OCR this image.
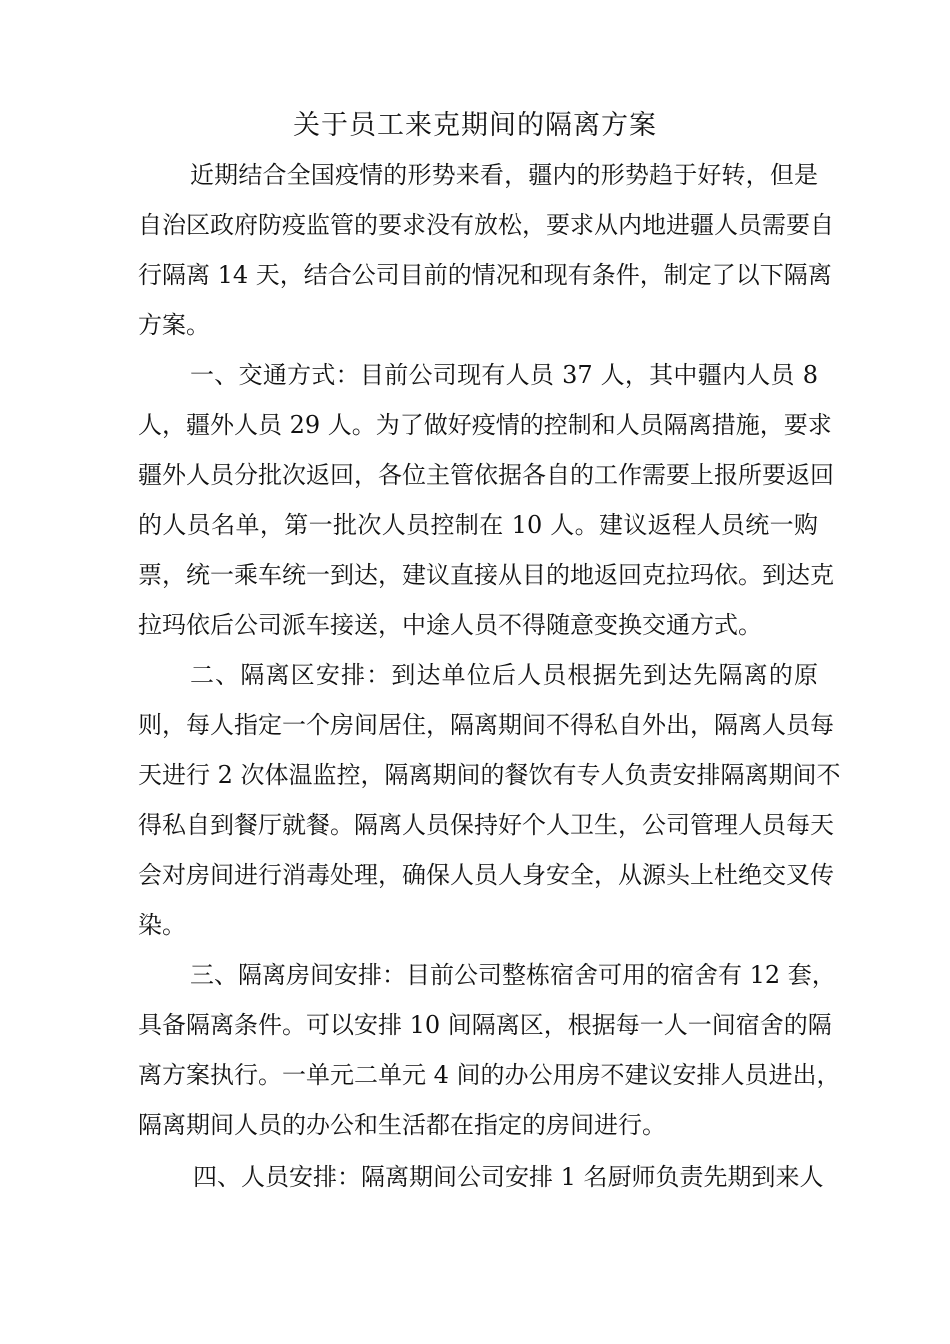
关于员工来克期间的隔离方案
近期结合全国疫情的形势来看，疆内的形势趋于好转，但是
自治区政府防疫监管的要求没有放松，要求从内地进疆人员需要自
行隔离 14 天，结合公司目前的情况和现有条件，制定了以下隔离
方案。
一、交通方式：目前公司现有人员 37 人，其中疆内人员 8
人，疆外人员 29 人。为了做好疫情的控制和人员隔离措施，要求
疆外人员分批次返回，各位主管依据各自的工作需要上报所要返回
的人员名单，第一批次人员控制在 10 人。建议返程人员统一购
票，统一乘车统一到达，建议直接从目的地返回克拉玛依。到达克
拉玛依后公司派车接送，中途人员不得随意变换交通方式。
二、隔离区安排：到达单位后人员根据先到达先隔离的原
则，每人指定一个房间居住，隔离期间不得私自外出，隔离人员每
天进行 2 次体温监控，隔离期间的餐饮有专人负责安排隔离期间不
得私自到餐厅就餐。隔离人员保持好个人卫生，公司管理人员每天
会对房间进行消毒处理，确保人员人身安全，从源头上杜绝交叉传
染。
三、隔离房间安排：目前公司整栋宿舍可用的宿舍有 12 套，
具备隔离条件。可以安排 10 间隔离区，根据每一人一间宿舍的隔
离方案执行。一单元二单元 4 间的办公用房不建议安排人员进出，
隔离期间人员的办公和生活都在指定的房间进行。
四、人员安排：隔离期间公司安排 1 名厨师负责先期到来人
